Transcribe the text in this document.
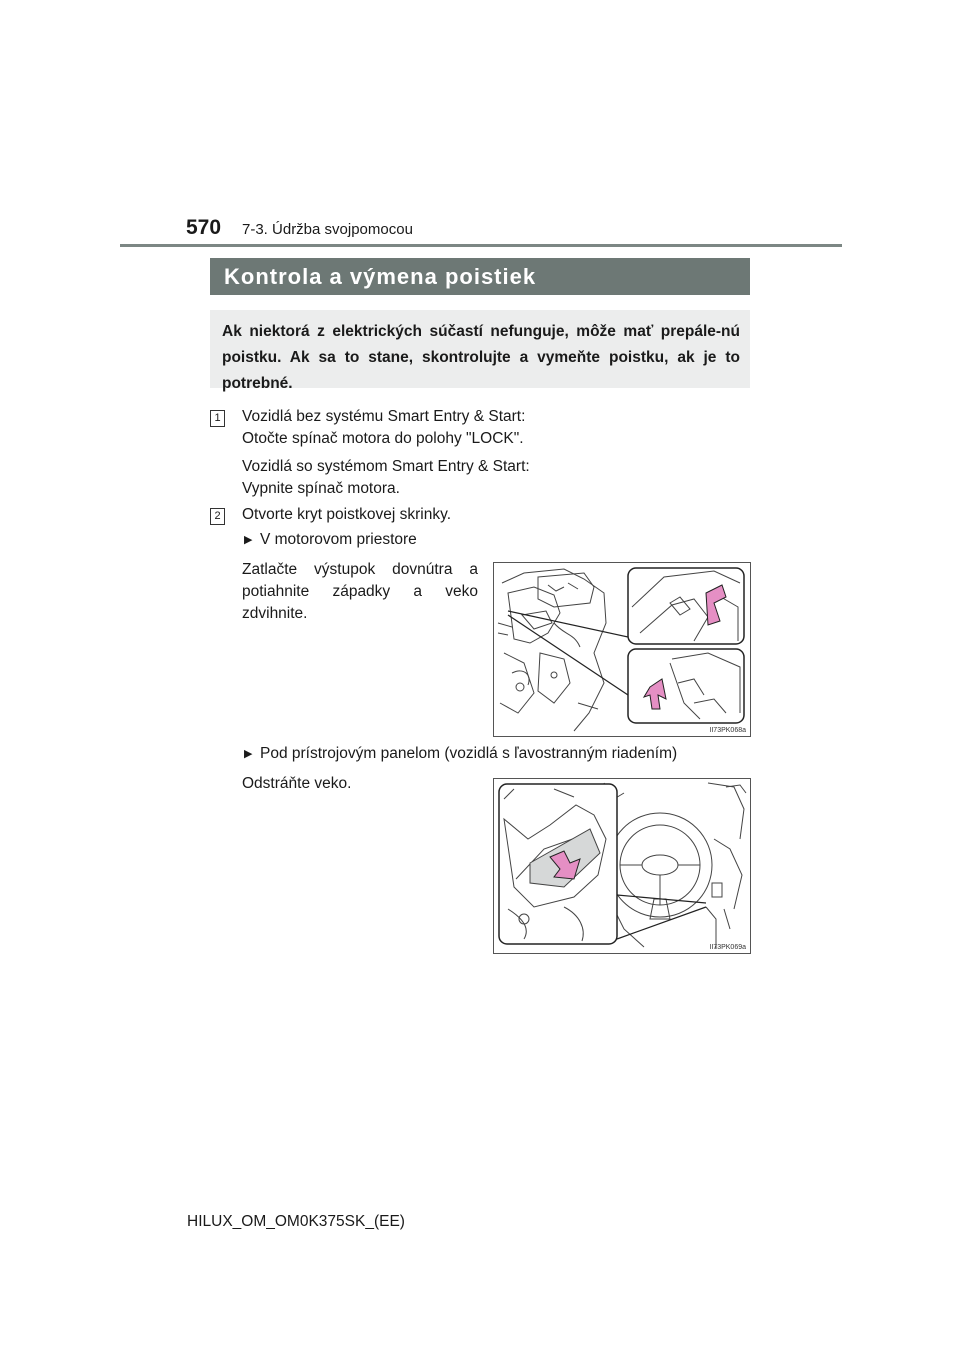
570 7-3. Údržba svojpomocou
Kontrola a výmena poistiek
Ak niektorá z elektrických súčastí nefunguje, môže mať prepále-nú poistku. Ak sa to stane, skontrolujte a vymeňte poistku, ak je to potrebné.
1 Vozidlá bez systému Smart Entry & Start:
Otočte spínač motora do polohy "LOCK".
Vozidlá so systémom Smart Entry & Start:
Vypnite spínač motora.
2 Otvorte kryt poistkovej skrinky.
▶ V motorovom priestore
Zatlačte výstupok dovnútra a potiahnite západky a veko zdvihnite.
II73PK068a
▶ Pod prístrojovým panelom (vozidlá s ľavostranným riadením)
Odstráňte veko.
II73PK069a
HILUX_OM_OM0K375SK_(EE)
